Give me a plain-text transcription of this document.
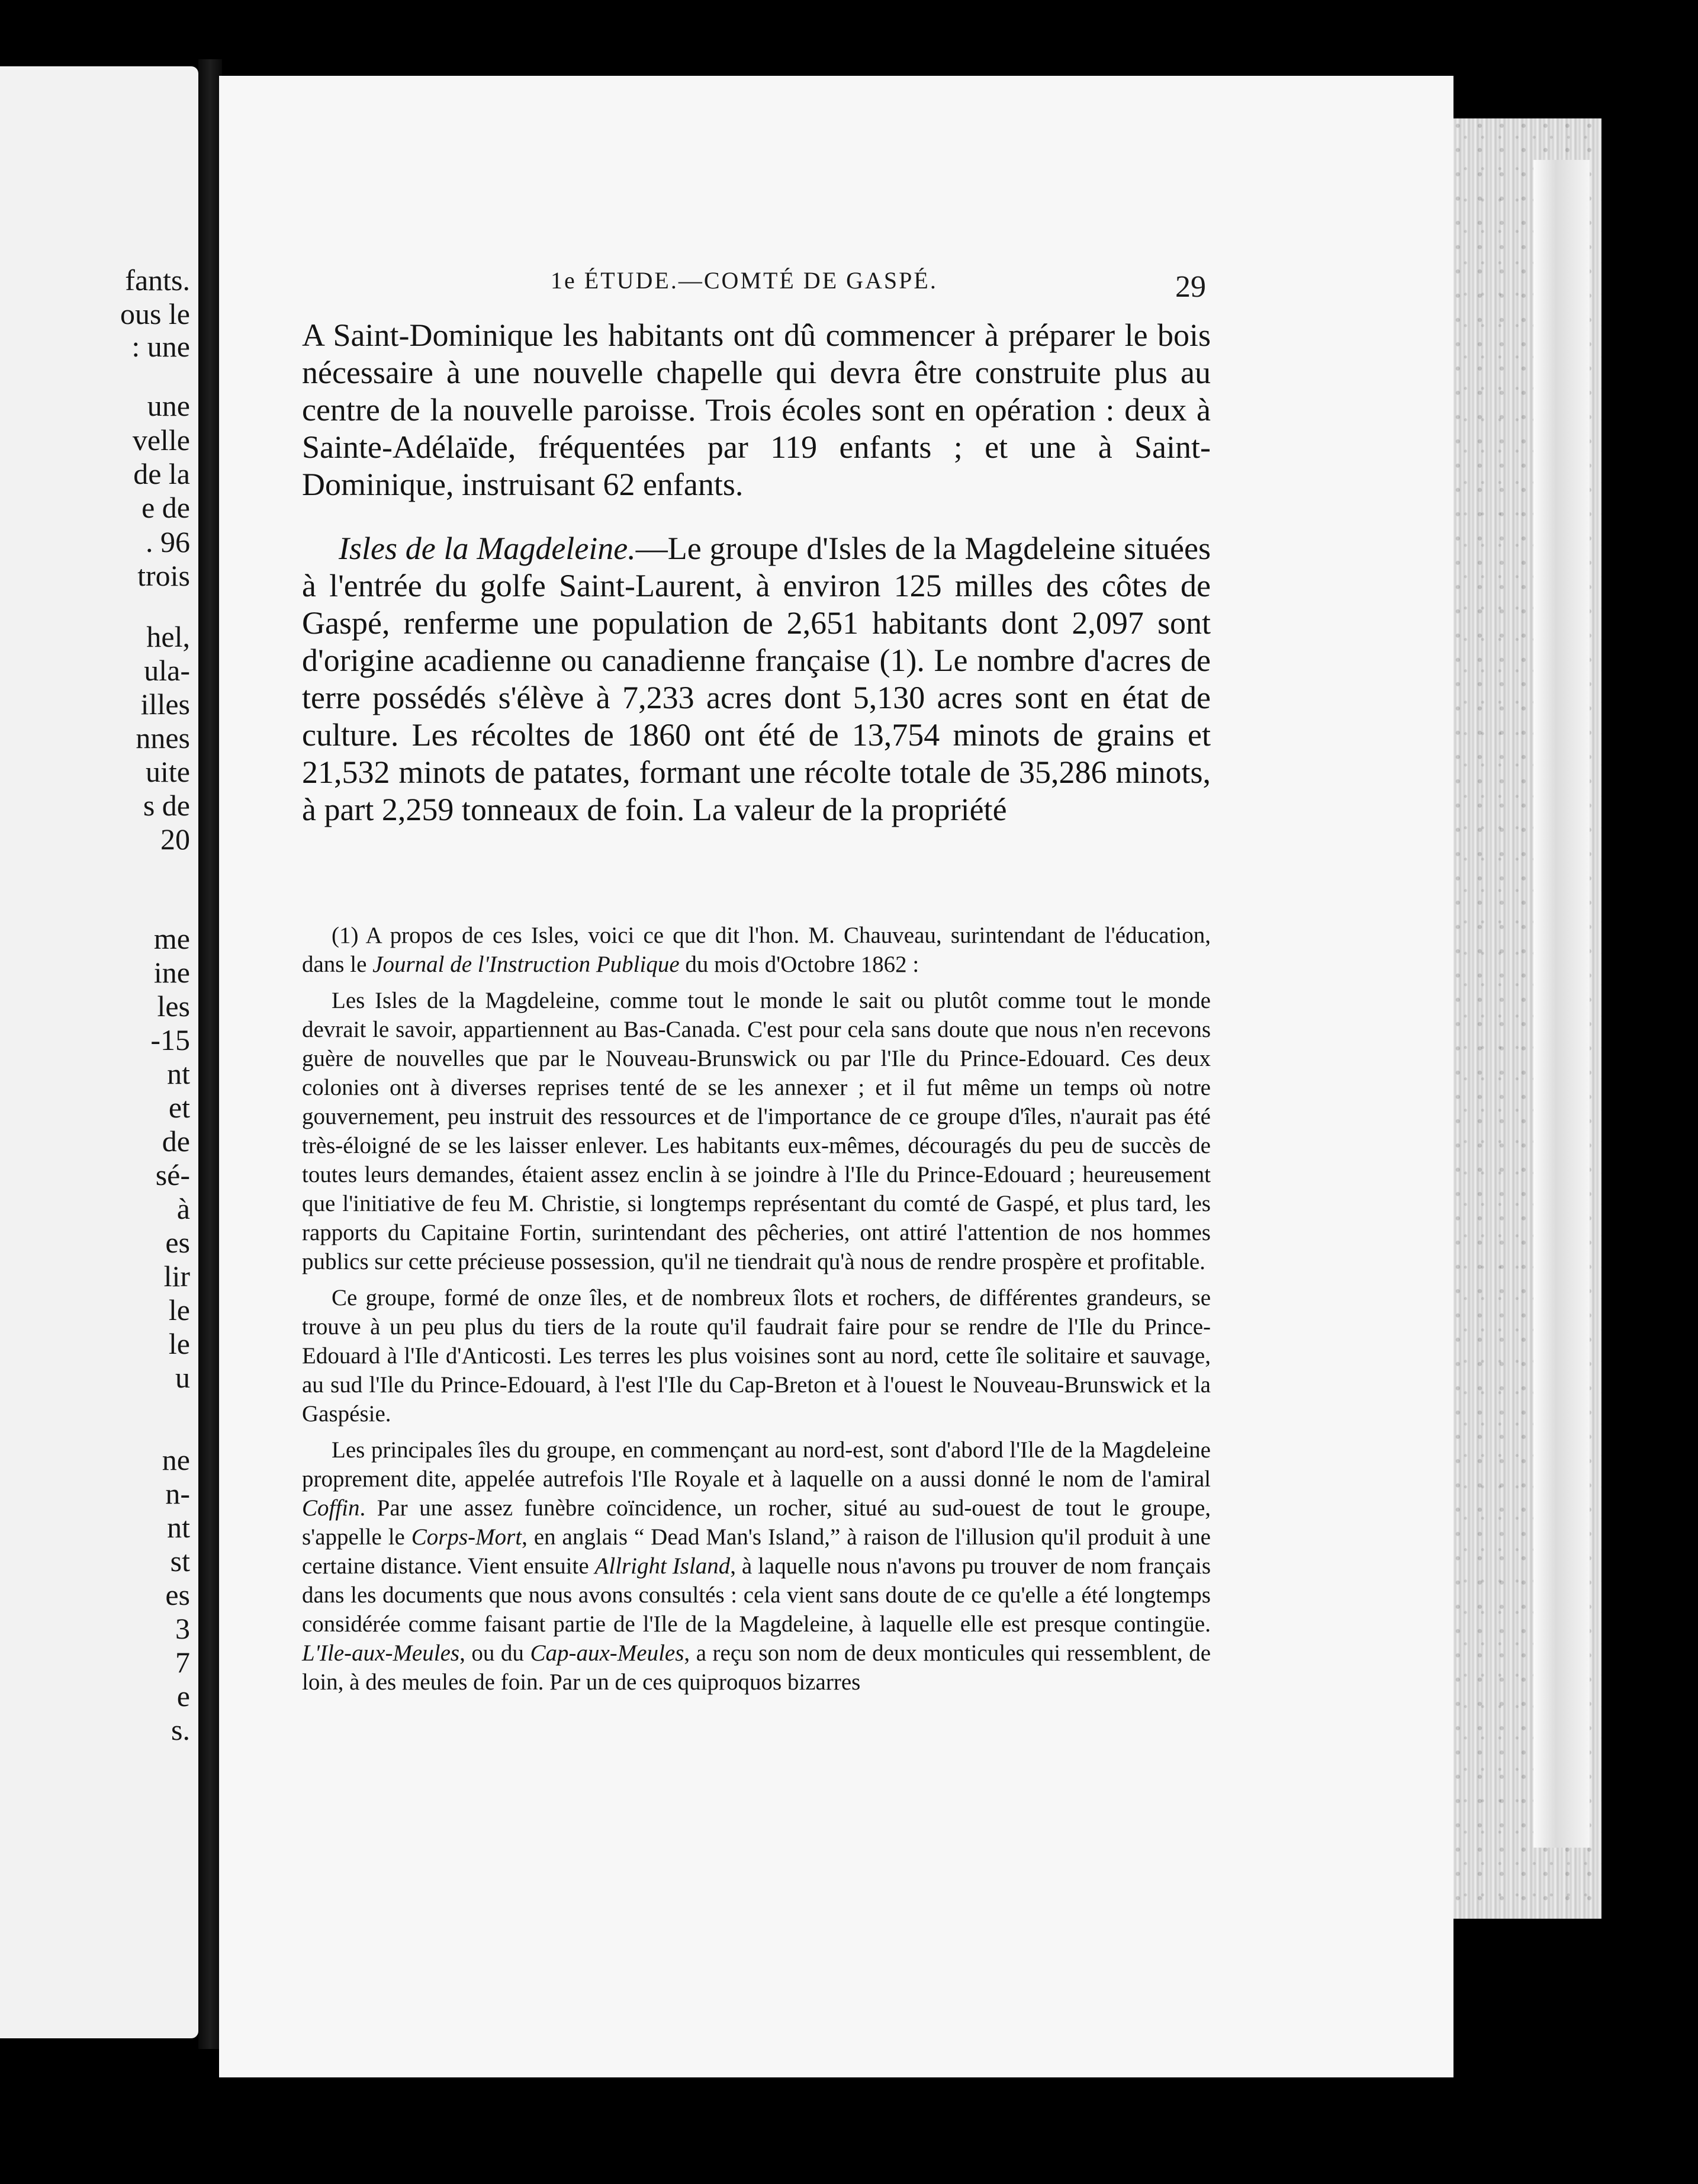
fants.
ous le
: une
une
velle
de la
e de
. 96
trois
hel,
ula-
illes
nnes
uite
s de
20
me
ine
les
-15
nt
et
de
sé-
à
es
lir
le
le
u
ne
n-
nt
st
es
3
7
e
s.
1e ÉTUDE.—COMTÉ DE GASPÉ.	29

A Saint-Dominique les habitants ont dû commencer à préparer le bois nécessaire à une nouvelle chapelle qui devra être construite plus au centre de la nouvelle paroisse. Trois écoles sont en opération : deux à Sainte-Adélaïde, fréquentées par 119 enfants ; et une à Saint-Dominique, instruisant 62 enfants.

Isles de la Magdeleine.—Le groupe d'Isles de la Magdeleine situées à l'entrée du golfe Saint-Laurent, à environ 125 milles des côtes de Gaspé, renferme une population de 2,651 habitants dont 2,097 sont d'origine acadienne ou canadienne française (1). Le nombre d'acres de terre possédés s'élève à 7,233 acres dont 5,130 acres sont en état de culture. Les récoltes de 1860 ont été de 13,754 minots de grains et 21,532 minots de patates, formant une récolte totale de 35,286 minots, à part 2,259 tonneaux de foin. La valeur de la propriété

(1) A propos de ces Isles, voici ce que dit l'hon. M. Chauveau, surintendant de l'éducation, dans le Journal de l'Instruction Publique du mois d'Octobre 1862 :

Les Isles de la Magdeleine, comme tout le monde le sait ou plutôt comme tout le monde devrait le savoir, appartiennent au Bas-Canada. C'est pour cela sans doute que nous n'en recevons guère de nouvelles que par le Nouveau-Brunswick ou par l'Ile du Prince-Edouard. Ces deux colonies ont à diverses reprises tenté de se les annexer ; et il fut même un temps où notre gouvernement, peu instruit des ressources et de l'importance de ce groupe d'îles, n'aurait pas été très-éloigné de se les laisser enlever. Les habitants eux-mêmes, découragés du peu de succès de toutes leurs demandes, étaient assez enclin à se joindre à l'Ile du Prince-Edouard ; heureusement que l'initiative de feu M. Christie, si longtemps représentant du comté de Gaspé, et plus tard, les rapports du Capitaine Fortin, surintendant des pêcheries, ont attiré l'attention de nos hommes publics sur cette précieuse possession, qu'il ne tiendrait qu'à nous de rendre prospère et profitable.

Ce groupe, formé de onze îles, et de nombreux îlots et rochers, de différentes grandeurs, se trouve à un peu plus du tiers de la route qu'il faudrait faire pour se rendre de l'Ile du Prince-Edouard à l'Ile d'Anticosti. Les terres les plus voisines sont au nord, cette île solitaire et sauvage, au sud l'Ile du Prince-Edouard, à l'est l'Ile du Cap-Breton et à l'ouest le Nouveau-Brunswick et la Gaspésie.

Les principales îles du groupe, en commençant au nord-est, sont d'abord l'Ile de la Magdeleine proprement dite, appelée autrefois l'Ile Royale et à laquelle on a aussi donné le nom de l'amiral Coffin. Par une assez funèbre coïncidence, un rocher, situé au sud-ouest de tout le groupe, s'appelle le Corps-Mort, en anglais “ Dead Man's Island,” à raison de l'illusion qu'il produit à une certaine distance. Vient ensuite Allright Island, à laquelle nous n'avons pu trouver de nom français dans les documents que nous avons consultés : cela vient sans doute de ce qu'elle a été longtemps considérée comme faisant partie de l'Ile de la Magdeleine, à laquelle elle est presque contingüe. L'Ile-aux-Meules, ou du Cap-aux-Meules, a reçu son nom de deux monticules qui ressemblent, de loin, à des meules de foin. Par un de ces quiproquos bizarres
